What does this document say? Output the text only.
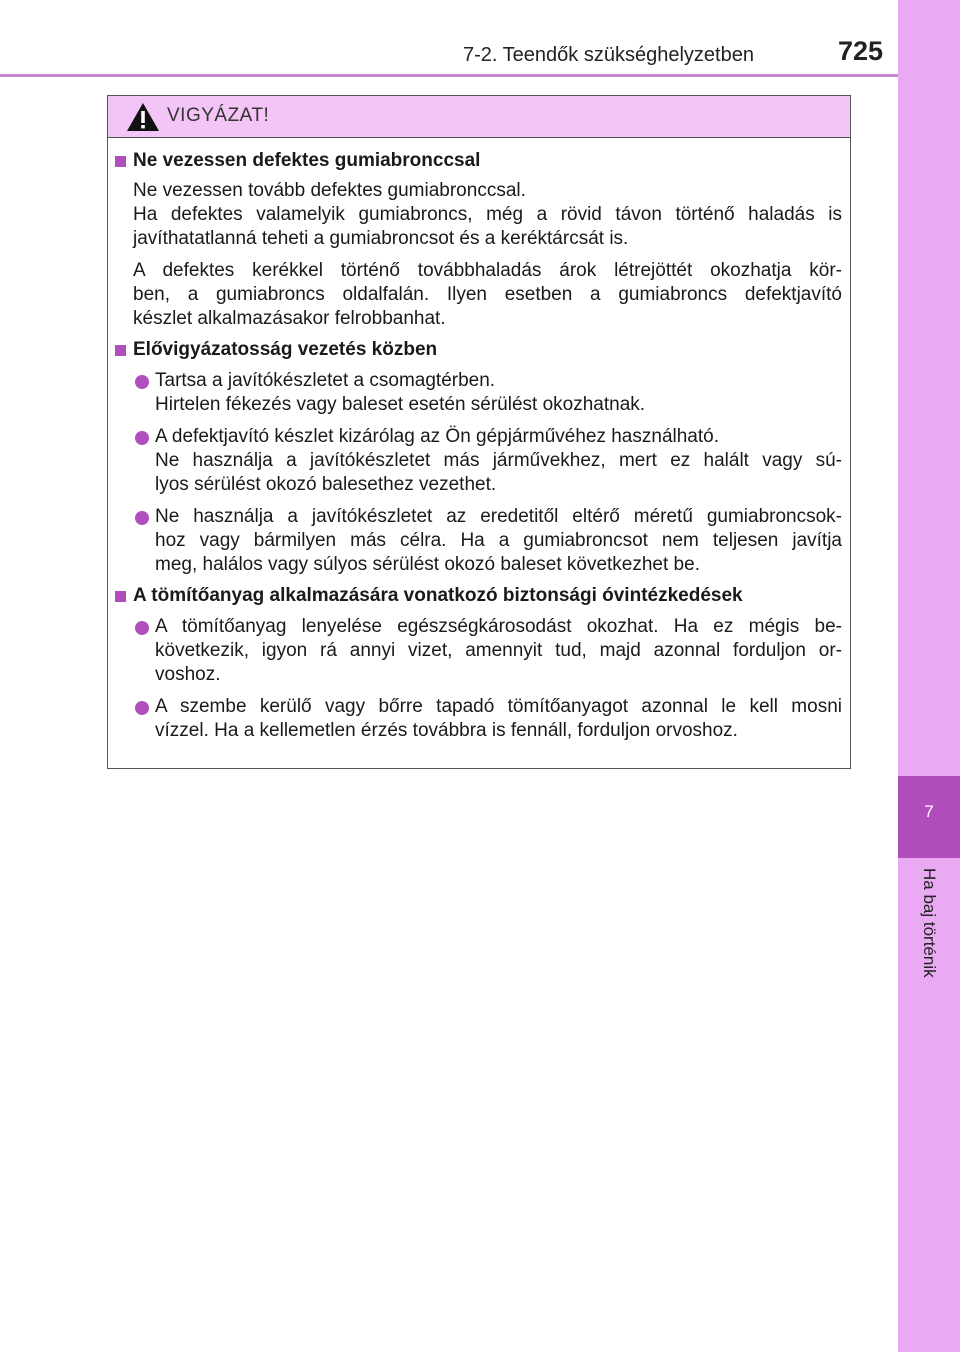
7
Ha baj történik
7-2. Teendők szükséghelyzetben	725
VIGYÁZAT!
Ne vezessen defektes gumiabronccsal
Ne vezessen tovább defektes gumiabronccsal.
Ha defektes valamelyik gumiabroncs, még a rövid távon történő haladás is
javíthatatlanná teheti a gumiabroncsot és a keréktárcsát is.
A defektes kerékkel történő továbbhaladás árok létrejöttét okozhatja kör-
ben, a gumiabroncs oldalfalán. Ilyen esetben a gumiabroncs defektjavító
készlet alkalmazásakor felrobbanhat.
Elővigyázatosság vezetés közben
Tartsa a javítókészletet a csomagtérben.
Hirtelen fékezés vagy baleset esetén sérülést okozhatnak.
A defektjavító készlet kizárólag az Ön gépjárművéhez használható.
Ne használja a javítókészletet más járművekhez, mert ez halált vagy sú-
lyos sérülést okozó balesethez vezethet.
Ne használja a javítókészletet az eredetitől eltérő méretű gumiabroncsok-
hoz vagy bármilyen más célra. Ha a gumiabroncsot nem teljesen javítja
meg, halálos vagy súlyos sérülést okozó baleset következhet be.
A tömítőanyag alkalmazására vonatkozó biztonsági óvintézkedések
A tömítőanyag lenyelése egészségkárosodást okozhat. Ha ez mégis be-
következik, igyon rá annyi vizet, amennyit tud, majd azonnal forduljon or-
voshoz.
A szembe kerülő vagy bőrre tapadó tömítőanyagot azonnal le kell mosni
vízzel. Ha a kellemetlen érzés továbbra is fennáll, forduljon orvoshoz.
